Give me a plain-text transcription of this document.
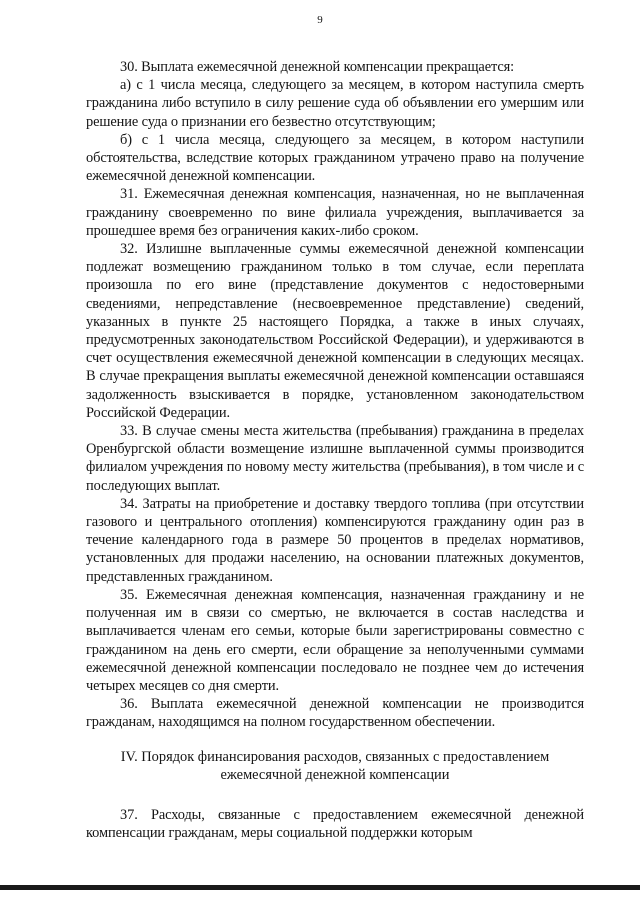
9

30. Выплата ежемесячной денежной компенсации прекращается:

а) с 1 числа месяца, следующего за месяцем, в котором наступила смерть гражданина либо вступило в силу решение суда об объявлении его умершим или решение суда о признании его безвестно отсутствующим;

б) с 1 числа месяца, следующего за месяцем, в котором наступили обстоятельства, вследствие которых гражданином утрачено право на получение ежемесячной денежной компенсации.

31. Ежемесячная денежная компенсация, назначенная, но не выплаченная гражданину своевременно по вине филиала учреждения, выплачивается за прошедшее время без ограничения каких-либо сроком.

32. Излишне выплаченные суммы ежемесячной денежной компенсации подлежат возмещению гражданином только в том случае, если переплата произошла по его вине (представление документов с недостоверными сведениями, непредставление (несвоевременное представление) сведений, указанных в пункте 25 настоящего Порядка, а также в иных случаях, предусмотренных законодательством Российской Федерации), и удерживаются в счет осуществления ежемесячной денежной компенсации в следующих месяцах. В случае прекращения выплаты ежемесячной денежной компенсации оставшаяся задолженность взыскивается в порядке, установленном законодательством Российской Федерации.

33. В случае смены места жительства (пребывания) гражданина в пределах Оренбургской области возмещение излишне выплаченной суммы производится филиалом учреждения по новому месту жительства (пребывания), в том числе и с последующих выплат.

34. Затраты на приобретение и доставку твердого топлива (при отсутствии газового и центрального отопления) компенсируются гражданину один раз в течение календарного года в размере 50 процентов в пределах нормативов, установленных для продажи населению, на основании платежных документов, представленных гражданином.

35. Ежемесячная денежная компенсация, назначенная гражданину и не полученная им в связи со смертью, не включается в состав наследства и выплачивается членам его семьи, которые были зарегистрированы совместно с гражданином на день его смерти, если обращение за неполученными суммами ежемесячной денежной компенсации последовало не позднее чем до истечения четырех месяцев со дня смерти.

36. Выплата ежемесячной денежной компенсации не производится гражданам, находящимся на полном государственном обеспечении.

IV. Порядок финансирования расходов, связанных с предоставлением
ежемесячной денежной компенсации

37. Расходы, связанные с предоставлением ежемесячной денежной компенсации гражданам, меры социальной поддержки которым
